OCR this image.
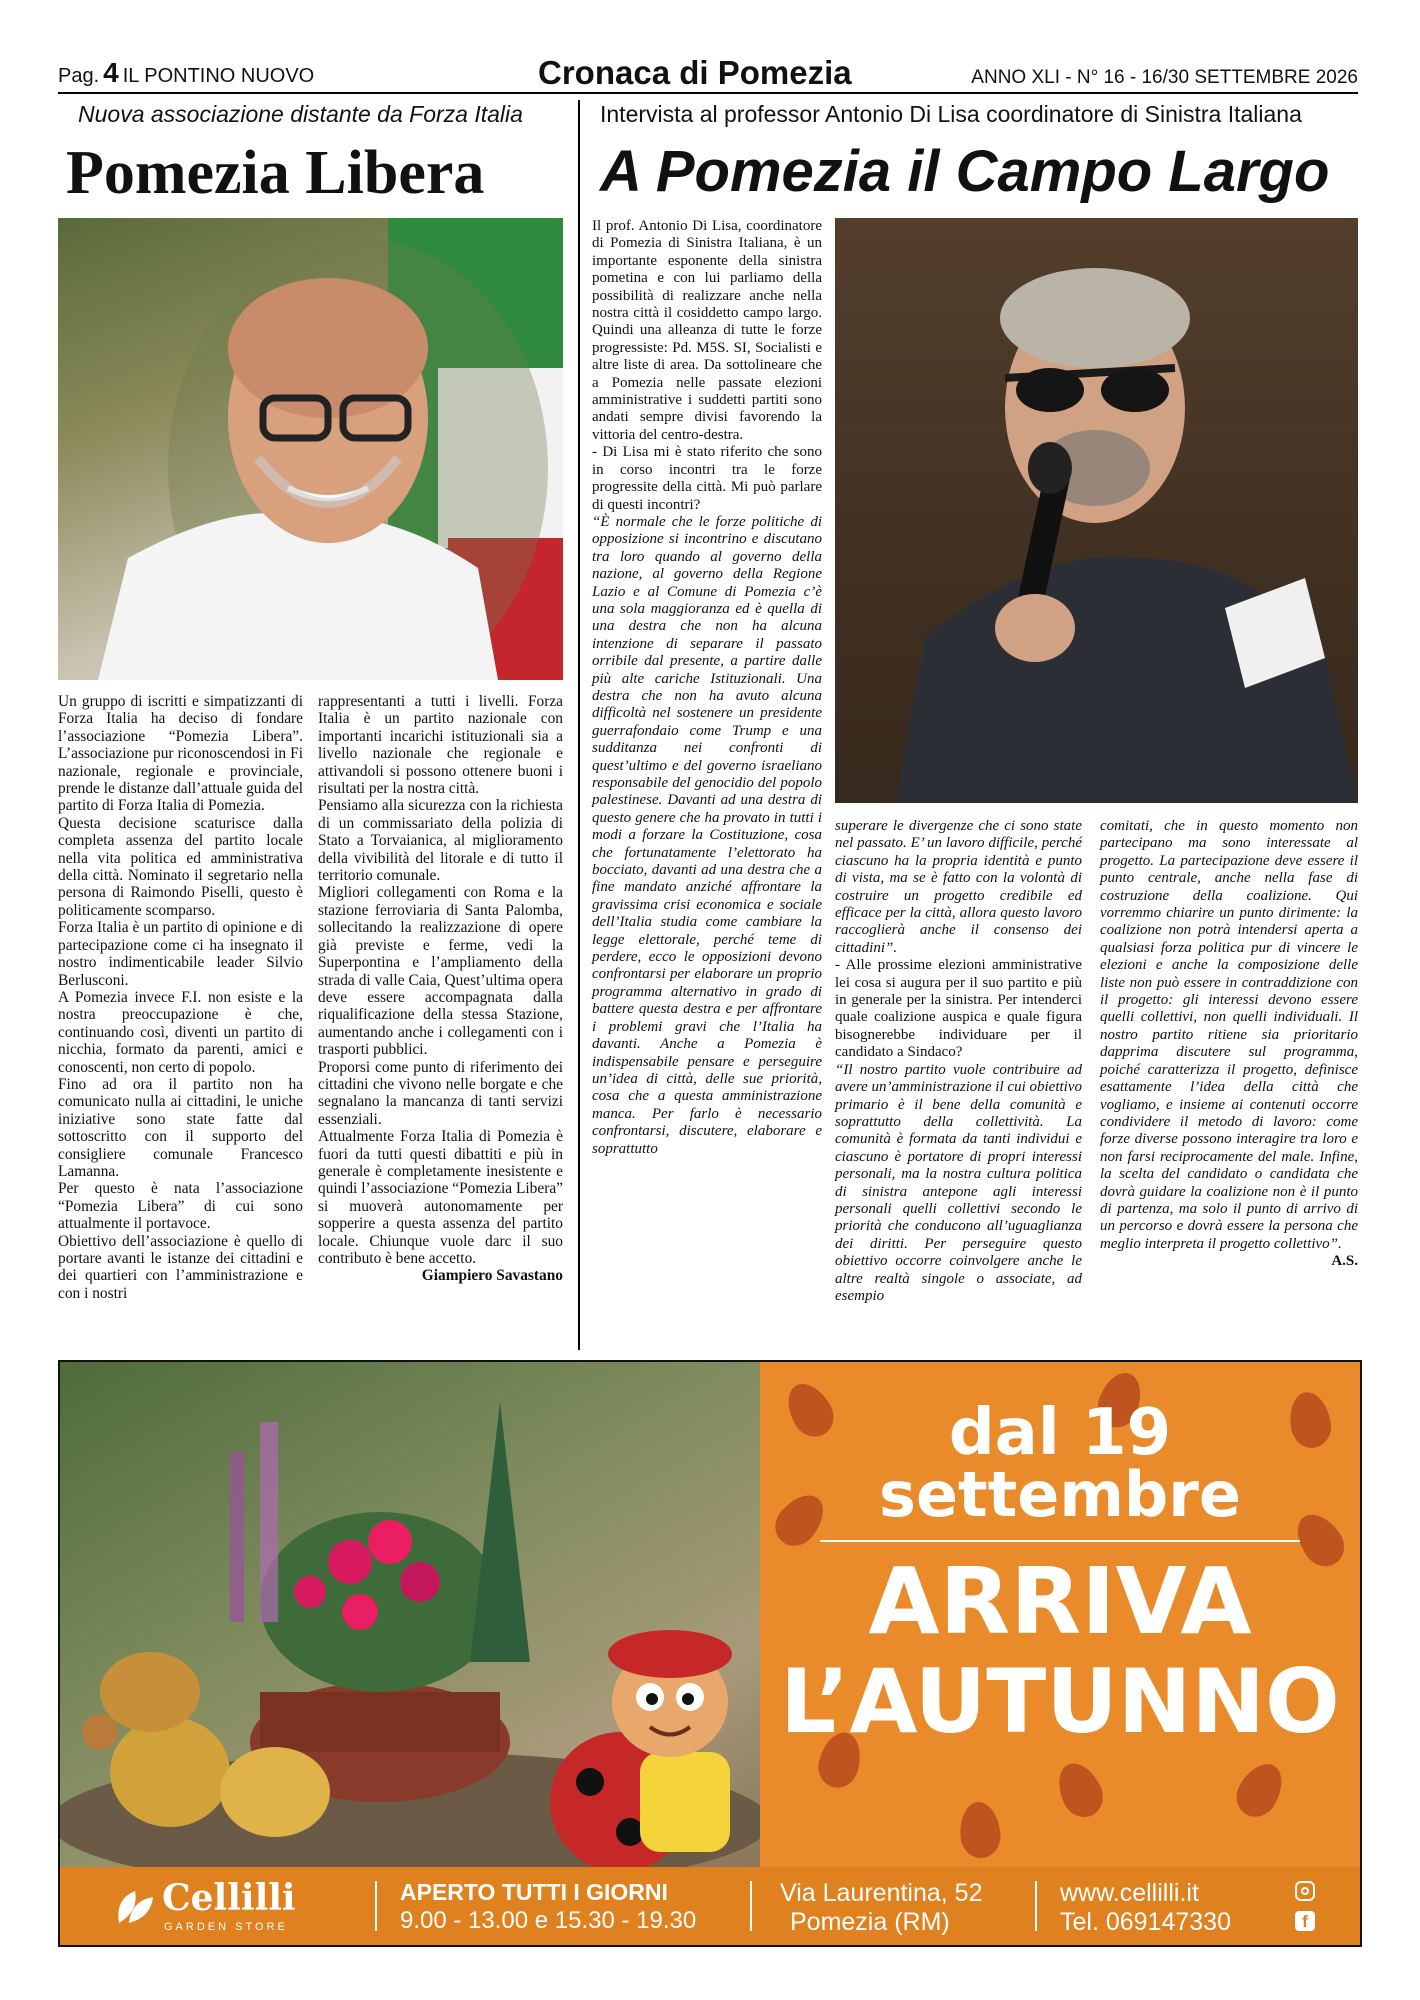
Pag. 4 IL PONTINO NUOVO	Cronaca di Pomezia	ANNO XLI - N° 16 - 16/30 SETTEMBRE 2026
Nuova associazione distante da Forza Italia
Pomezia Libera

Un gruppo di iscritti e simpatizzanti di Forza Italia ha deciso di fondare l’associazione “Pomezia Libera”. L’associazione pur riconoscendosi in Fi nazionale, regionale e provinciale, prende le distanze dall’attuale guida del partito di Forza Italia di Pomezia.

Questa decisione scaturisce dalla completa assenza del partito locale nella vita politica ed amministrativa della città. Nominato il segretario nella persona di Raimondo Piselli, questo è politicamente scomparso.

Forza Italia è un partito di opinione e di partecipazione come ci ha insegnato il nostro indimenticabile leader Silvio Berlusconi.

A Pomezia invece F.I. non esiste e la nostra preoccupazione è che, continuando così, diventi un partito di nicchia, formato da parenti, amici e conoscenti, non certo di popolo.

Fino ad ora il partito non ha comunicato nulla ai cittadini, le uniche iniziative sono state fatte dal sottoscritto con il supporto del consigliere comunale Francesco Lamanna.

Per questo è nata l’associazione “Pomezia Libera” di cui sono attualmente il portavoce.

Obiettivo dell’associazione è quello di portare avanti le istanze dei cittadini e dei quartieri con l’amministrazione e con i nostri

rappresentanti a tutti i livelli. Forza Italia è un partito nazionale con importanti incarichi istituzionali sia a livello nazionale che regionale e attivandoli si possono ottenere buoni i risultati per la nostra città.

Pensiamo alla sicurezza con la richiesta di un commissariato della polizia di Stato a Torvaianica, al miglioramento della vivibilità del litorale e di tutto il territorio comunale.

Migliori collegamenti con Roma e la stazione ferroviaria di Santa Palomba, sollecitando la realizzazione di opere già previste e ferme, vedi la Superpontina e l’ampliamento della strada di valle Caia, Quest’ultima opera deve essere accompagnata dalla riqualificazione della stessa Stazione, aumentando anche i collegamenti con i trasporti pubblici.

Proporsi come punto di riferimento dei cittadini che vivono nelle borgate e che segnalano la mancanza di tanti servizi essenziali.

Attualmente Forza Italia di Pomezia è fuori da tutti questi dibattiti e più in generale è completamente inesistente e quindi l’associazione “Pomezia Libera” si muoverà autonomamente per sopperire a questa assenza del partito locale. Chiunque vuole darc il suo contributo è bene accetto.

Giampiero Savastano

Intervista al professor Antonio Di Lisa coordinatore di Sinistra Italiana
A Pomezia il Campo Largo

Il prof. Antonio Di Lisa, coordinatore di Pomezia di Sinistra Italiana, è un importante esponente della sinistra pometina e con lui parliamo della possibilità di realizzare anche nella nostra città il cosiddetto campo largo. Quindi una alleanza di tutte le forze progressiste: Pd. M5S. SI, Socialisti e altre liste di area. Da sottolineare che a Pomezia nelle passate elezioni amministrative i suddetti partiti sono andati sempre divisi favorendo la vittoria del centro-destra.

- Di Lisa mi è stato riferito che sono in corso incontri tra le forze progressite della città. Mi può parlare di questi incontri?

“È normale che le forze politiche di opposizione si incontrino e discutano tra loro quando al governo della nazione, al governo della Regione Lazio e al Comune di Pomezia c’è una sola maggioranza ed è quella di una destra che non ha alcuna intenzione di separare il passato orribile dal presente, a partire dalle più alte cariche Istituzionali. Una destra che non ha avuto alcuna difficoltà nel sostenere un presidente guerrafondaio come Trump e una sudditanza nei confronti di quest’ultimo e del governo israeliano responsabile del genocidio del popolo palestinese. Davanti ad una destra di questo genere che ha provato in tutti i modi a forzare la Costituzione, cosa che fortunatamente l’elettorato ha bocciato, davanti ad una destra che a fine mandato anziché affrontare la gravissima crisi economica e sociale dell’Italia studia come cambiare la legge elettorale, perché teme di perdere, ecco le opposizioni devono confrontarsi per elaborare un proprio programma alternativo in grado di battere questa destra e per affrontare i problemi gravi che l’Italia ha davanti. Anche a Pomezia è indispensabile pensare e perseguire un’idea di città, delle sue priorità, cosa che a questa amministrazione manca. Per farlo è necessario confrontarsi, discutere, elaborare e soprattutto

superare le divergenze che ci sono state nel passato. E’ un lavoro difficile, perché ciascuno ha la propria identità e punto di vista, ma se è fatto con la volontà di costruire un progetto credibile ed efficace per la città, allora questo lavoro raccoglierà anche il consenso dei cittadini”.

- Alle prossime elezioni amministrative lei cosa si augura per il suo partito e più in generale per la sinistra. Per intenderci quale coalizione auspica e quale figura bisognerebbe individuare per il candidato a Sindaco?

“Il nostro partito vuole contribuire ad avere un’amministrazione il cui obiettivo primario è il bene della comunità e soprattutto della collettività. La comunità è formata da tanti individui e ciascuno è portatore di propri interessi personali, ma la nostra cultura politica di sinistra antepone agli interessi personali quelli collettivi secondo le priorità che conducono all’uguaglianza dei diritti. Per perseguire questo obiettivo occorre coinvolgere anche le altre realtà singole o associate, ad esempio

comitati, che in questo momento non partecipano ma sono interessate al progetto. La partecipazione deve essere il punto centrale, anche nella fase di costruzione della coalizione. Qui vorremmo chiarire un punto dirimente: la coalizione non potrà intendersi aperta a qualsiasi forza politica pur di vincere le elezioni e anche la composizione delle liste non può essere in contraddizione con il progetto: gli interessi devono essere quelli collettivi, non quelli individuali. Il nostro partito ritiene sia prioritario dapprima discutere sul programma, poiché caratterizza il progetto, definisce esattamente l’idea della città che vogliamo, e insieme ai contenuti occorre condividere il metodo di lavoro: come forze diverse possono interagire tra loro e non farsi reciprocamente del male. Infine, la scelta del candidato o candidata che dovrà guidare la coalizione non è il punto di partenza, ma solo il punto di arrivo di un percorso e dovrà essere la persona che meglio interpreta il progetto collettivo”.

A.S.

dal 19
settembre
ARRIVA
L’AUTUNNO
Cellilli
GARDEN STORE
APERTO TUTTI I GIORNI
9.00 - 13.00 e 15.30 - 19.30
Via Laurentina, 52
Pomezia (RM)
www.cellilli.it
Tel. 069147330	f
